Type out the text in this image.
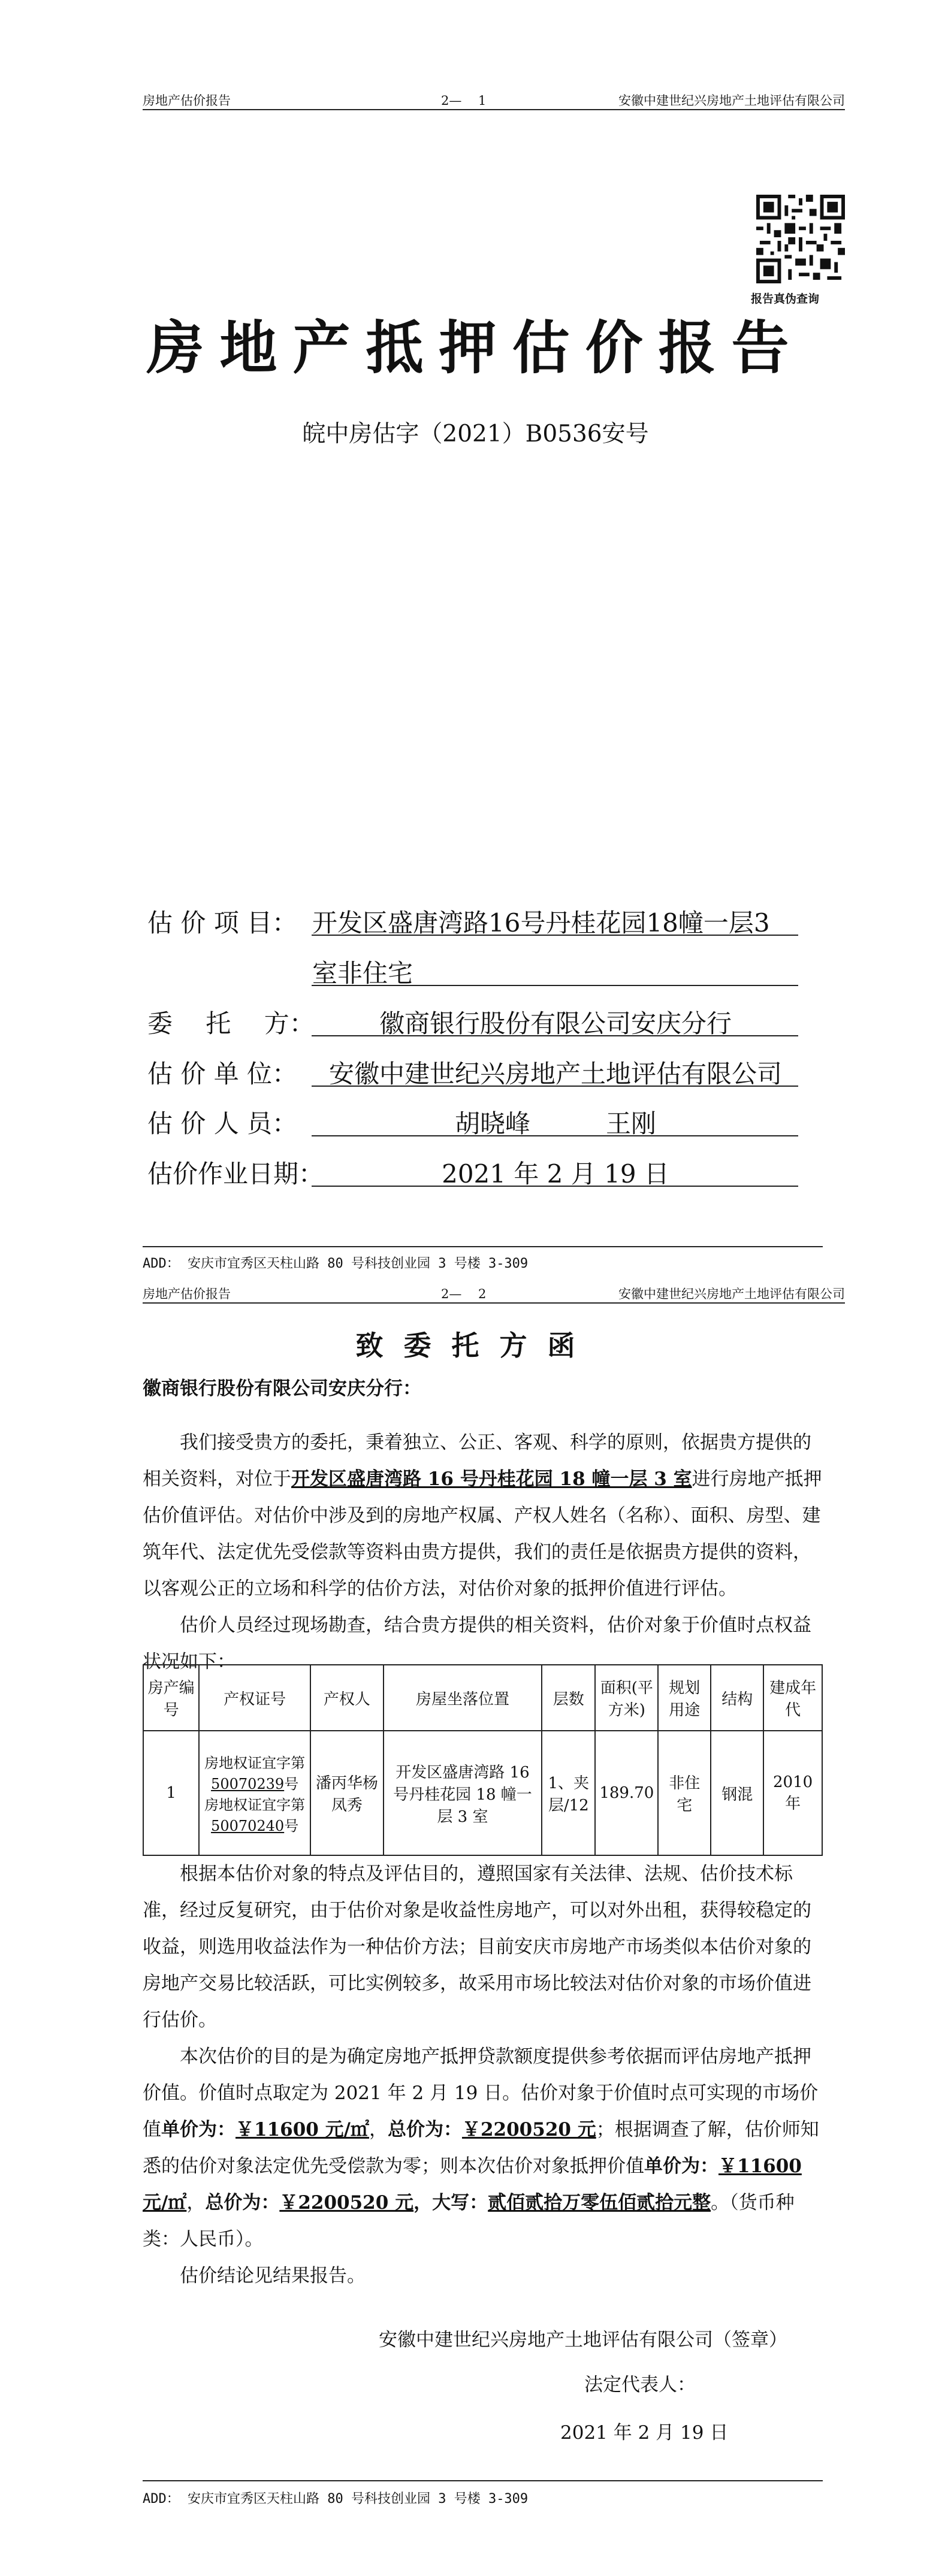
房地产估价报告	2—　 1	安徽中建世纪兴房地产土地评估有限公司
报告真伪查询
房地产抵押估价报告
皖中房估字（2021）B0536安号
估 价 项 目： 开发区盛唐湾路16号丹桂花园18幢一层3
室非住宅
委　 托　 方：	徽商银行股份有限公司安庆分行
估 价 单 位：	安徽中建世纪兴房地产土地评估有限公司
估 价 人 员：	胡晓峰　　　王刚
估价作业日期：	2021 年 2 月 19 日
ADD： 安庆市宜秀区天柱山路 80 号科技创业园 3 号楼 3-309
房地产估价报告	2—　 2	安徽中建世纪兴房地产土地评估有限公司
致委托方函
徽商银行股份有限公司安庆分行：

我们接受贵方的委托，秉着独立、公正、客观、科学的原则，依据贵方提供的相关资料，对位于开发区盛唐湾路 16 号丹桂花园 18 幢一层 3 室进行房地产抵押估价值评估。对估价中涉及到的房地产权属、产权人姓名（名称）、面积、房型、建筑年代、法定优先受偿款等资料由贵方提供，我们的责任是依据贵方提供的资料，以客观公正的立场和科学的估价方法，对估价对象的抵押价值进行评估。

估价人员经过现场勘查，结合贵方提供的相关资料，估价对象于价值时点权益状况如下：

房产编号	产权证号	产权人	房屋坐落位置	层数	面积(平方米)	规划用途	结构	建成年代
1	房地权证宜字第50070239号
房地权证宜字第50070240号	潘丙华杨凤秀	开发区盛唐湾路 16 号丹桂花园 18 幢一层 3 室	1、夹层/12	189.70	非住宅	钢混	2010 年

根据本估价对象的特点及评估目的，遵照国家有关法律、法规、估价技术标准，经过反复研究，由于估价对象是收益性房地产，可以对外出租，获得较稳定的收益，则选用收益法作为一种估价方法；目前安庆市房地产市场类似本估价对象的房地产交易比较活跃，可比实例较多，故采用市场比较法对估价对象的市场价值进行估价。

本次估价的目的是为确定房地产抵押贷款额度提供参考依据而评估房地产抵押价值。价值时点取定为 2021 年 2 月 19 日。估价对象于价值时点可实现的市场价值单价为：￥11600 元/㎡，总价为：￥2200520 元；根据调查了解，估价师知悉的估价对象法定优先受偿款为零；则本次估价对象抵押价值单价为：￥11600 元/㎡，总价为：￥2200520 元，大写：贰佰贰拾万零伍佰贰拾元整。（货币种类：人民币）。

估价结论见结果报告。

安徽中建世纪兴房地产土地评估有限公司（签章）
法定代表人：
2021 年 2 月 19 日
ADD： 安庆市宜秀区天柱山路 80 号科技创业园 3 号楼 3-309
